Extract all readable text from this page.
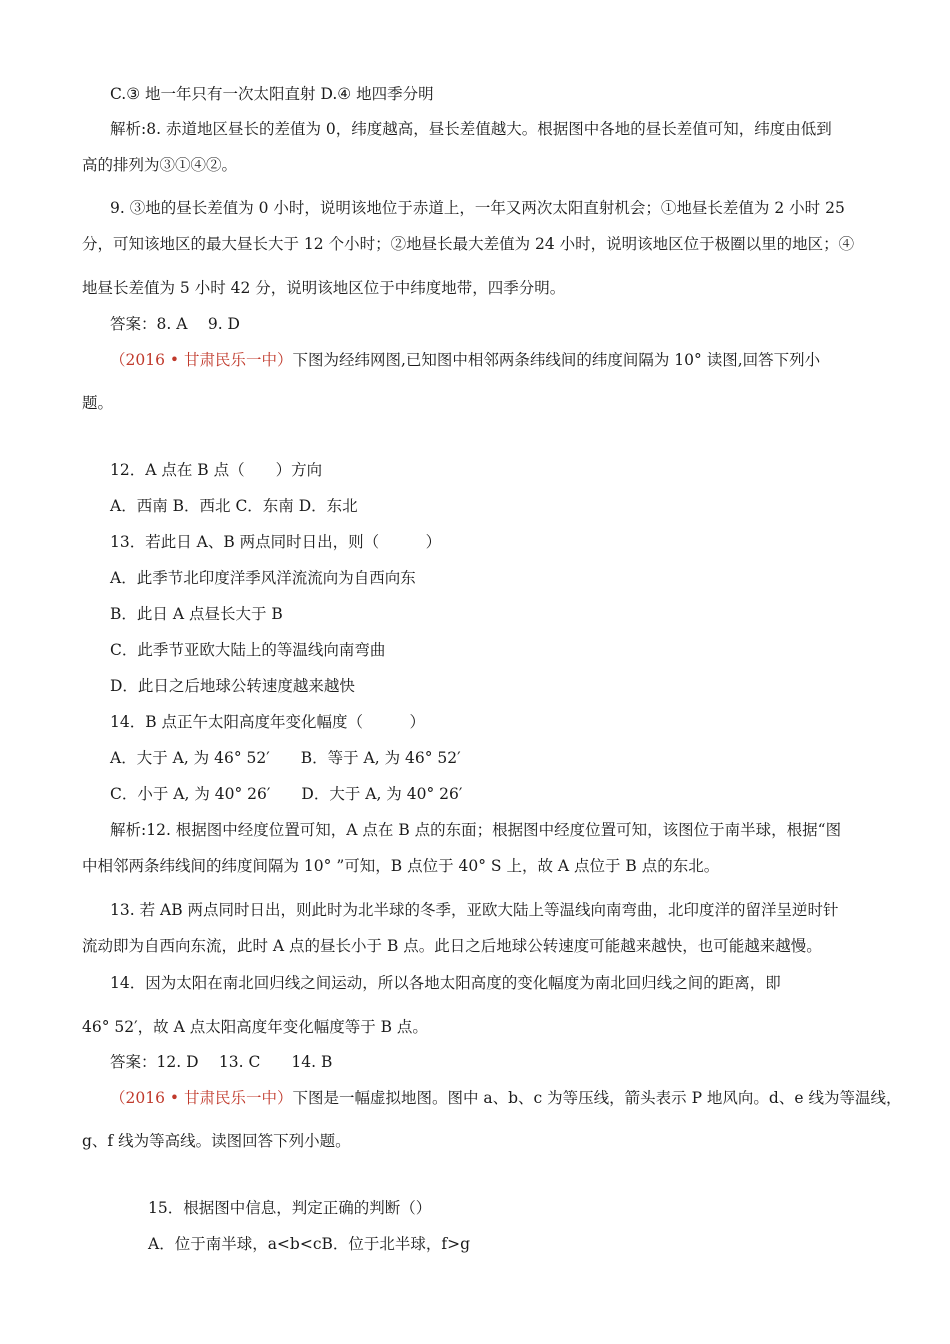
C.③ 地一年只有一次太阳直射 D.④ 地四季分明
解析:8. 赤道地区昼长的差值为 0，纬度越高，昼长差值越大。根据图中各地的昼长差值可知，纬度由低到
高的排列为③①④②。
9. ③地的昼长差值为 0 小时，说明该地位于赤道上，一年又两次太阳直射机会；①地昼长差值为 2 小时 25
分，可知该地区的最大昼长大于 12 个小时；②地昼长最大差值为 24 小时，说明该地区位于极圈以里的地区；④
地昼长差值为 5 小时 42 分，说明该地区位于中纬度地带，四季分明。
答案：8. A　 9. D
（2016 • 甘肃民乐一中）下图为经纬网图,已知图中相邻两条纬线间的纬度间隔为 10° 读图,回答下列小
题。
12．A 点在 B 点（　　）方向
A．西南 B．西北 C．东南 D．东北
13．若此日 A、B 两点同时日出，则（　　　）
A．此季节北印度洋季风洋流流向为自西向东
B．此日 A 点昼长大于 B
C．此季节亚欧大陆上的等温线向南弯曲
D．此日之后地球公转速度越来越快
14．B 点正午太阳高度年变化幅度（　　　）
A．大于 A, 为 46° 52′　　B．等于 A, 为 46° 52′
C．小于 A, 为 40° 26′　　D．大于 A, 为 40° 26′
解析:12. 根据图中经度位置可知，A 点在 B 点的东面；根据图中经度位置可知，该图位于南半球，根据“图
中相邻两条纬线间的纬度间隔为 10° ”可知，B 点位于 40° S 上，故 A 点位于 B 点的东北。
13. 若 AB 两点同时日出，则此时为北半球的冬季，亚欧大陆上等温线向南弯曲，北印度洋的留洋呈逆时针
流动即为自西向东流，此时 A 点的昼长小于 B 点。此日之后地球公转速度可能越来越快，也可能越来越慢。
14．因为太阳在南北回归线之间运动，所以各地太阳高度的变化幅度为南北回归线之间的距离，即
46° 52′，故 A 点太阳高度年变化幅度等于 B 点。
答案：12. D　 13. C　　14. B
（2016 • 甘肃民乐一中）下图是一幅虚拟地图。图中 a、b、c 为等压线，箭头表示 P 地风向。d、e 线为等温线，
g、f 线为等高线。读图回答下列小题。
15．根据图中信息，判定正确的判断（）
A．位于南半球，a<b<cB．位于北半球，f>g
